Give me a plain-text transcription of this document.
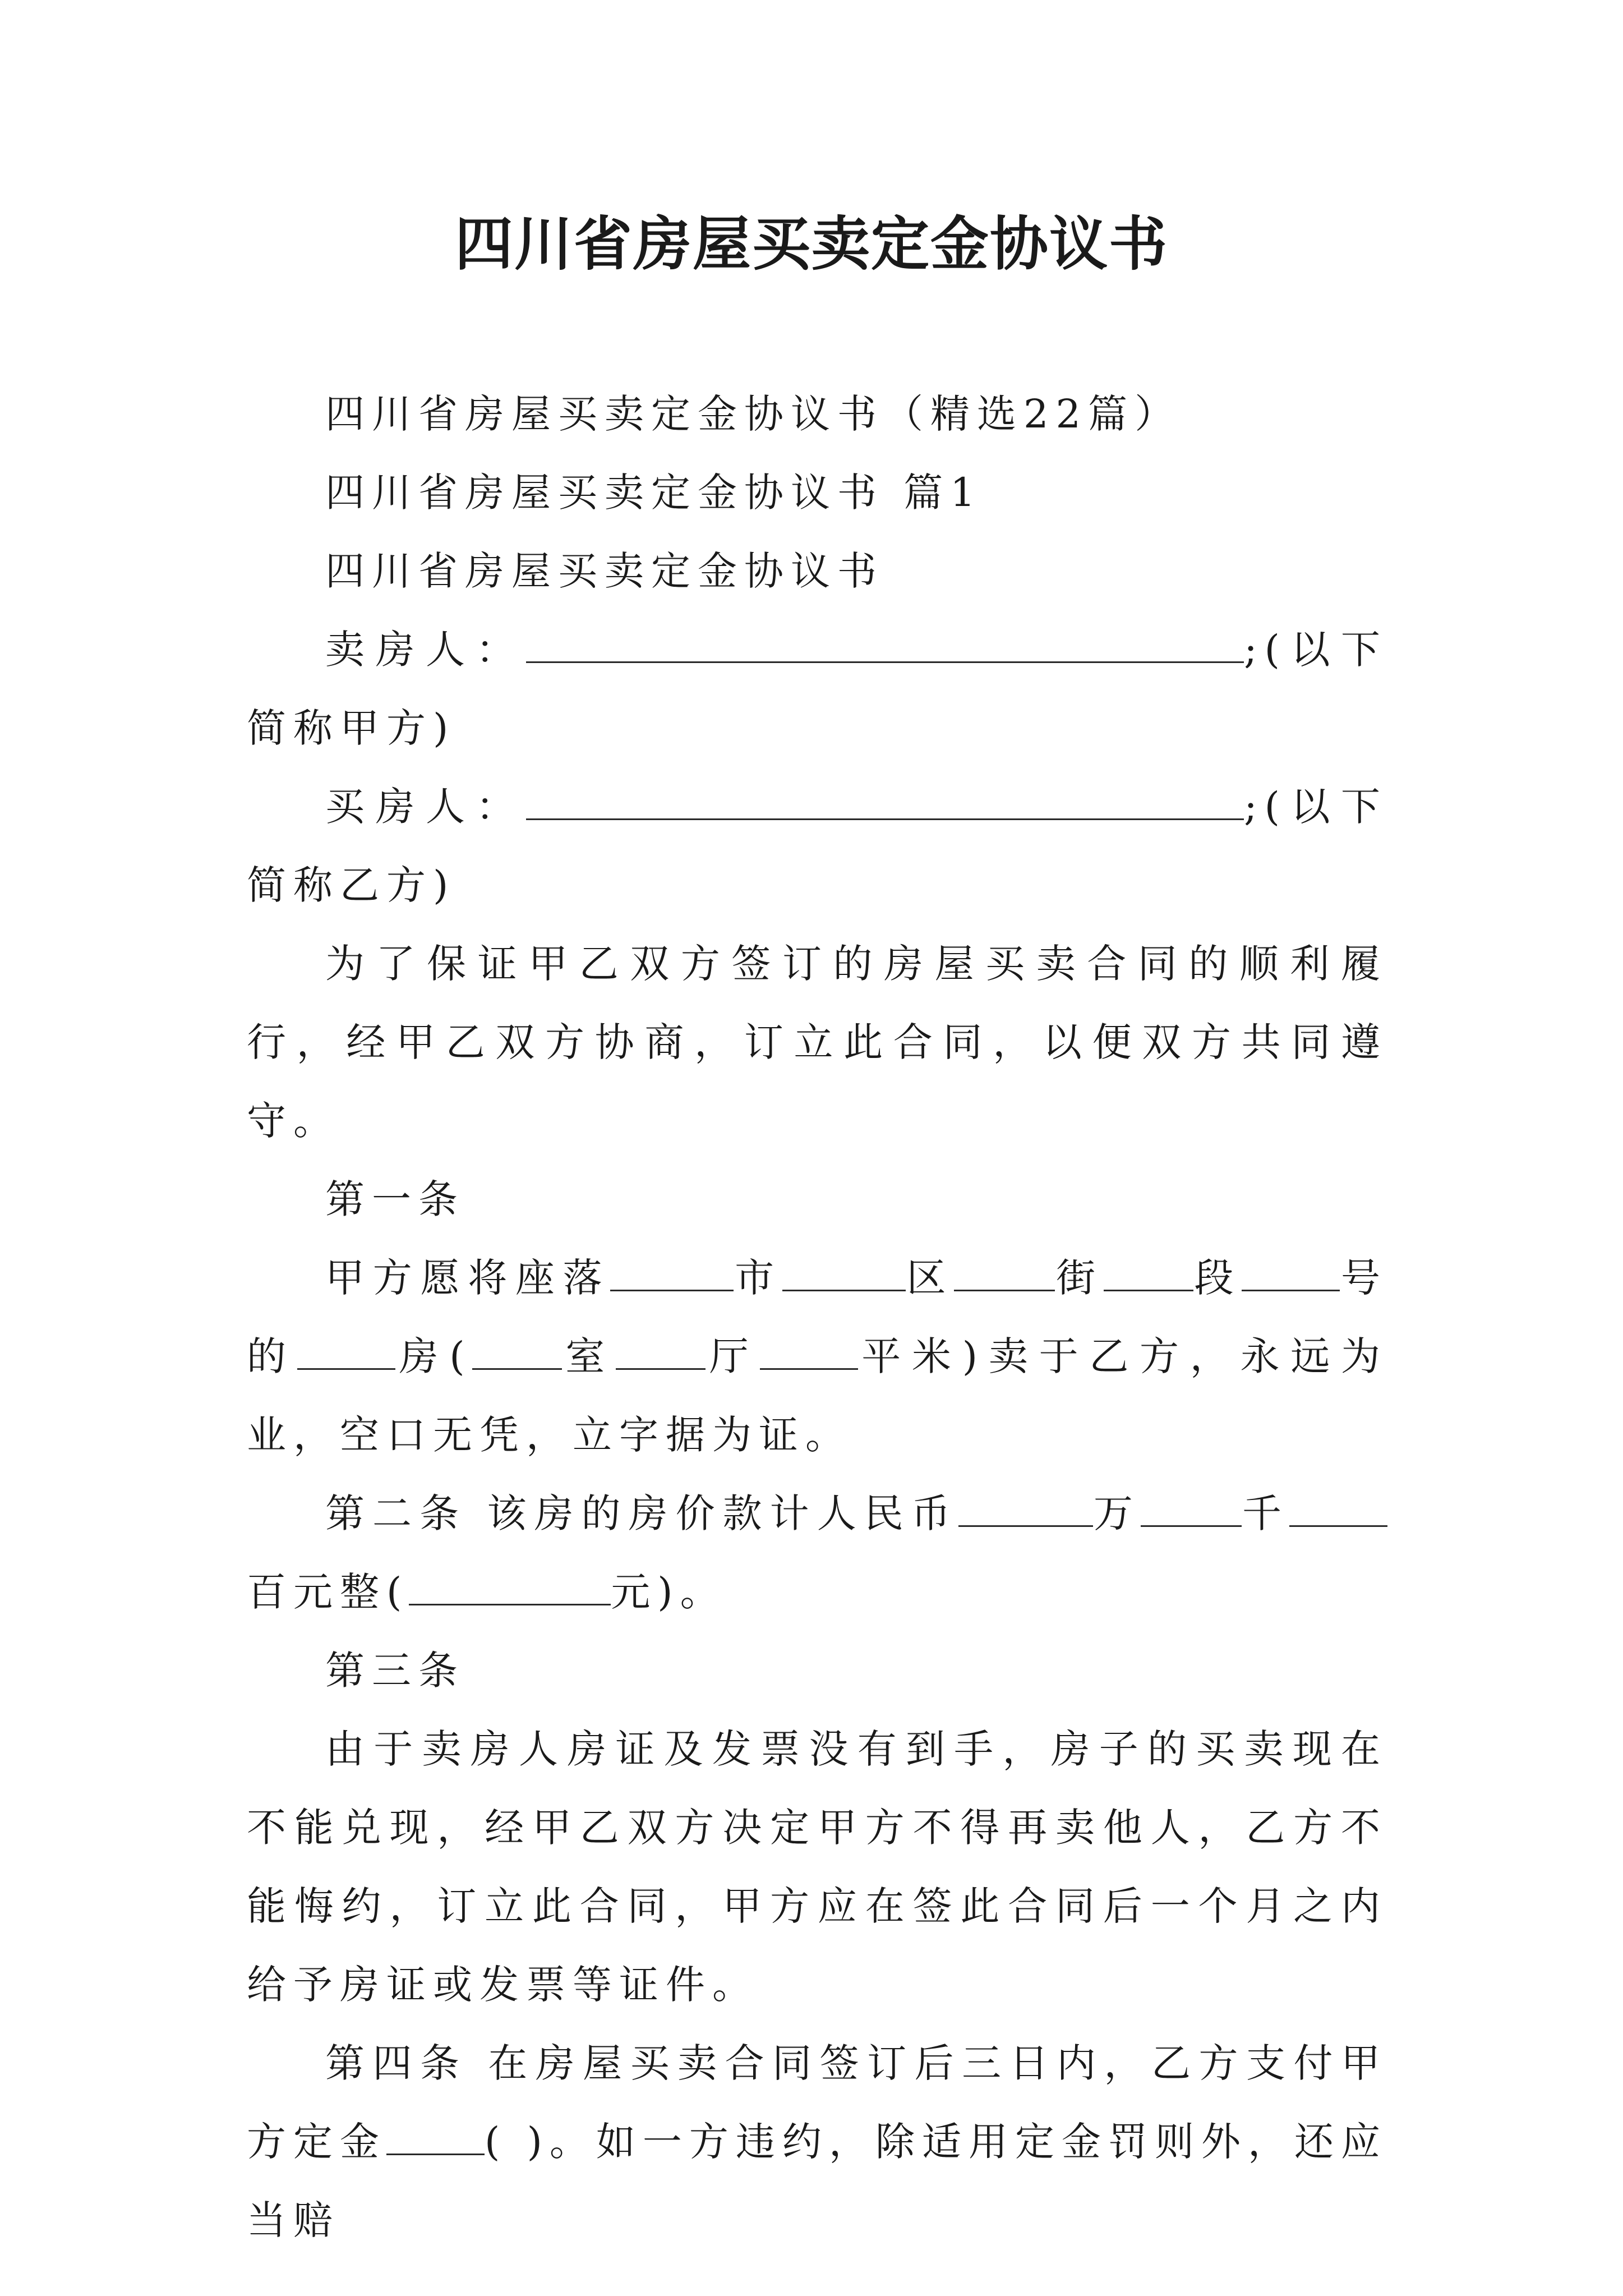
四川省房屋买卖定金协议书

四川省房屋买卖定金协议书（精选22篇）

四川省房屋买卖定金协议书 篇1

四川省房屋买卖定金协议书

卖房人：	;(以下简称甲方)

买房人：	;(以下简称乙方)

为了保证甲乙双方签订的房屋买卖合同的顺利履行，经甲乙双方协商，订立此合同，以便双方共同遵守。

第一条

甲方愿将座落	市	区	街 段	号的	房( 室 厅	平米)卖于乙方，永远为业，空口无凭，立字据为证。

第二条 该房的房价款计人民币	万	千百元整(	元)。

第三条

由于卖房人房证及发票没有到手，房子的买卖现在不能兑现，经甲乙双方决定甲方不得再卖他人，乙方不能悔约，订立此合同，甲方应在签此合同后一个月之内给予房证或发票等证件。

第四条 在房屋买卖合同签订后三日内，乙方支付甲方定金	( )。如一方违约，除适用定金罚则外，还应当赔
